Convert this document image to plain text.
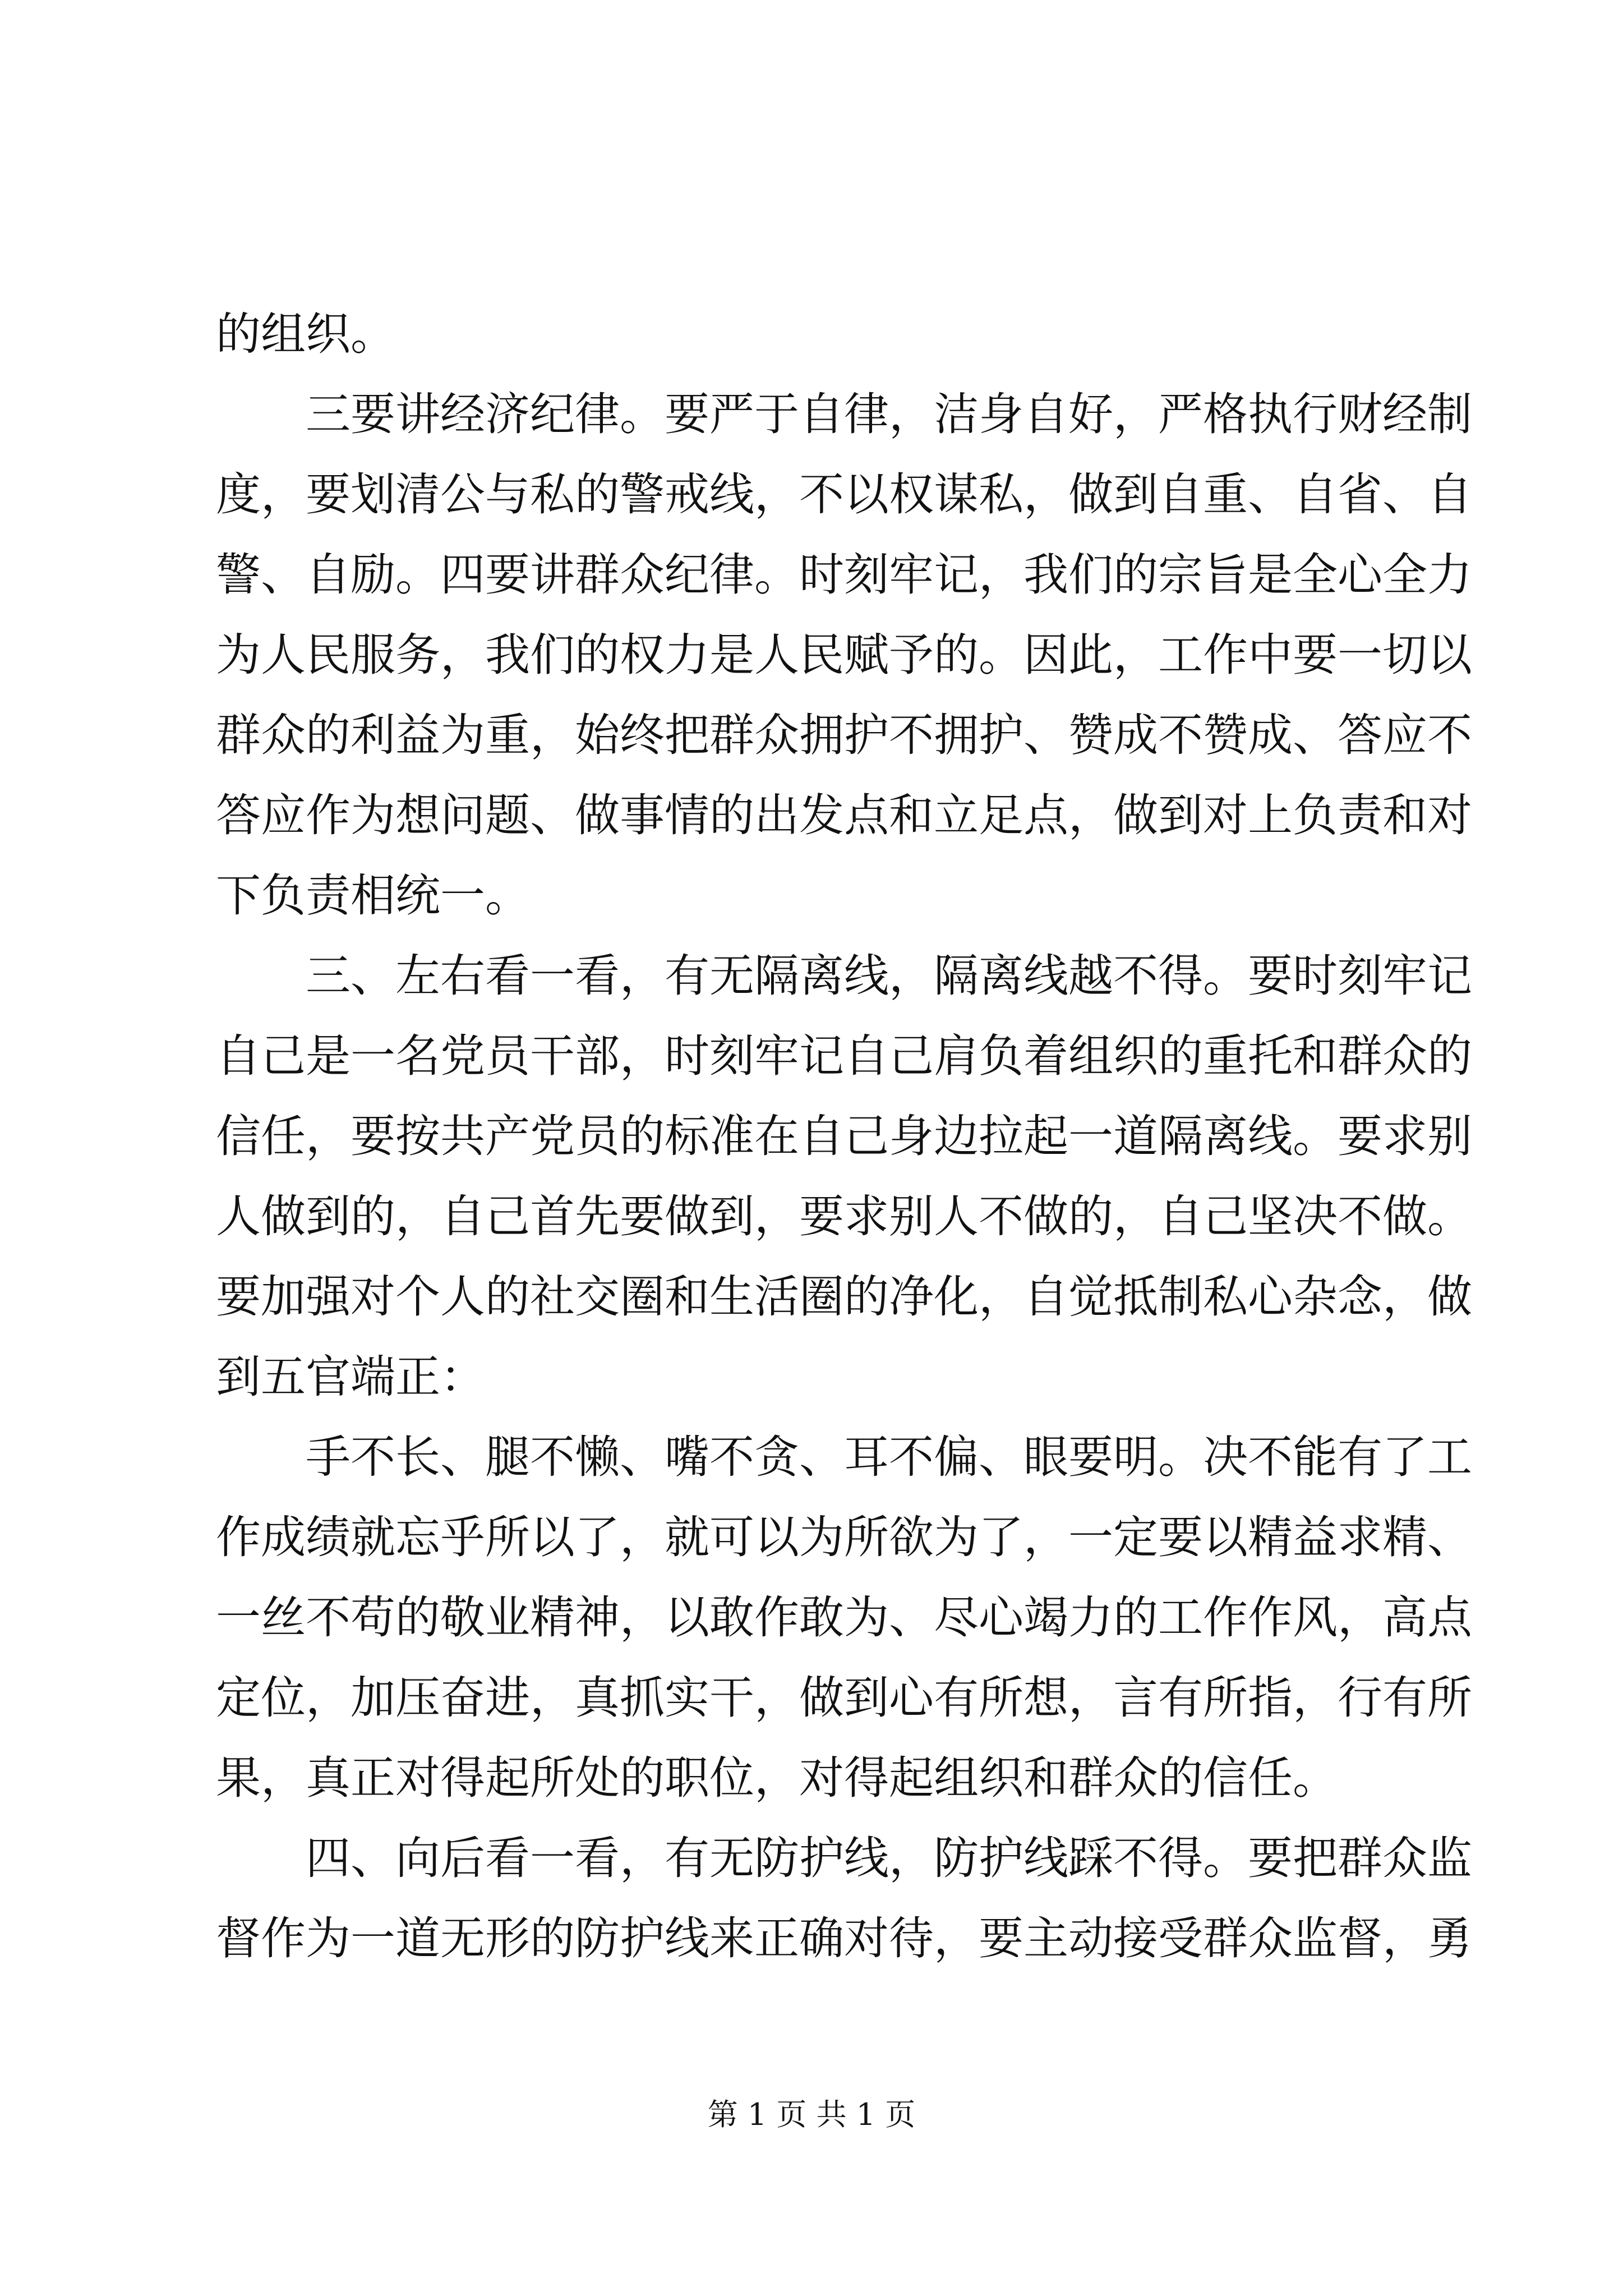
的组织。

三要讲经济纪律。要严于自律，洁身自好，严格执行财经制

度，要划清公与私的警戒线，不以权谋私，做到自重、自省、自

警、自励。四要讲群众纪律。时刻牢记，我们的宗旨是全心全力

为人民服务，我们的权力是人民赋予的。因此，工作中要一切以

群众的利益为重，始终把群众拥护不拥护、赞成不赞成、答应不

答应作为想问题、做事情的出发点和立足点，做到对上负责和对

下负责相统一。

三、左右看一看，有无隔离线，隔离线越不得。要时刻牢记

自己是一名党员干部，时刻牢记自己肩负着组织的重托和群众的

信任，要按共产党员的标准在自己身边拉起一道隔离线。要求别

人做到的，自己首先要做到，要求别人不做的，自己坚决不做。

要加强对个人的社交圈和生活圈的净化，自觉抵制私心杂念，做

到五官端正：

手不长、腿不懒、嘴不贪、耳不偏、眼要明。决不能有了工

作成绩就忘乎所以了，就可以为所欲为了，一定要以精益求精、

一丝不苟的敬业精神，以敢作敢为、尽心竭力的工作作风，高点

定位，加压奋进，真抓实干，做到心有所想，言有所指，行有所

果，真正对得起所处的职位，对得起组织和群众的信任。

四、向后看一看，有无防护线，防护线踩不得。要把群众监

督作为一道无形的防护线来正确对待，要主动接受群众监督，勇

第 1 页 共 1 页
